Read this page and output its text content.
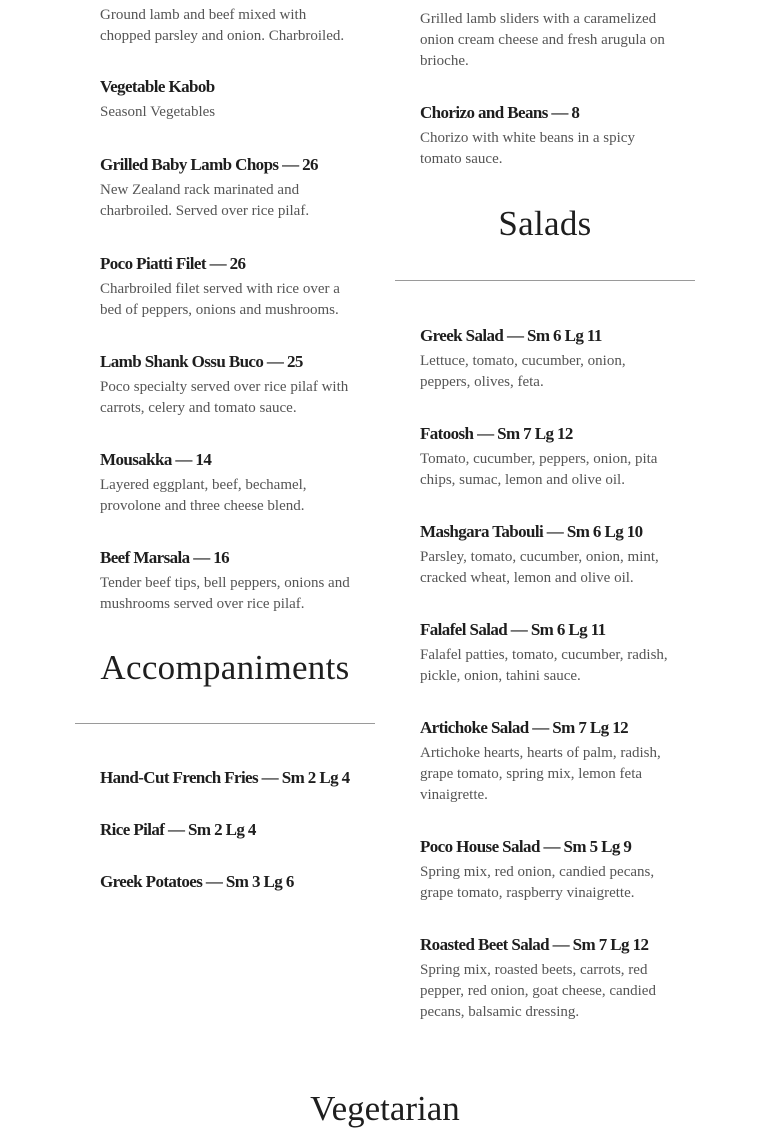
Ground lamb and beef mixed with chopped parsley and onion. Charbroiled.
Vegetable Kabob
Seasonl Vegetables
Grilled Baby Lamb Chops — 26
New Zealand rack marinated and charbroiled. Served over rice pilaf.
Poco Piatti Filet — 26
Charbroiled filet served with rice over a bed of peppers, onions and mushrooms.
Lamb Shank Ossu Buco — 25
Poco specialty served over rice pilaf with carrots, celery and tomato sauce.
Mousakka — 14
Layered eggplant, beef, bechamel, provolone and three cheese blend.
Beef Marsala — 16
Tender beef tips, bell peppers, onions and mushrooms served over rice pilaf.
Accompaniments
Hand-Cut French Fries — Sm 2 Lg 4
Rice Pilaf — Sm 2 Lg 4
Greek Potatoes — Sm 3 Lg 6
Grilled lamb sliders with a caramelized onion cream cheese and fresh arugula on brioche.
Chorizo and Beans — 8
Chorizo with white beans in a spicy tomato sauce.
Salads
Greek Salad — Sm 6 Lg 11
Lettuce, tomato, cucumber, onion, peppers, olives, feta.
Fatoosh — Sm 7 Lg 12
Tomato, cucumber, peppers, onion, pita chips, sumac, lemon and olive oil.
Mashgara Tabouli — Sm 6 Lg 10
Parsley, tomato, cucumber, onion, mint, cracked wheat, lemon and olive oil.
Falafel Salad — Sm 6 Lg 11
Falafel patties, tomato, cucumber, radish, pickle, onion, tahini sauce.
Artichoke Salad — Sm 7 Lg 12
Artichoke hearts, hearts of palm, radish, grape tomato, spring mix, lemon feta vinaigrette.
Poco House Salad — Sm 5 Lg 9
Spring mix, red onion, candied pecans, grape tomato, raspberry vinaigrette.
Roasted Beet Salad — Sm 7 Lg 12
Spring mix, roasted beets, carrots, red pepper, red onion, goat cheese, candied pecans, balsamic dressing.
Vegetarian
